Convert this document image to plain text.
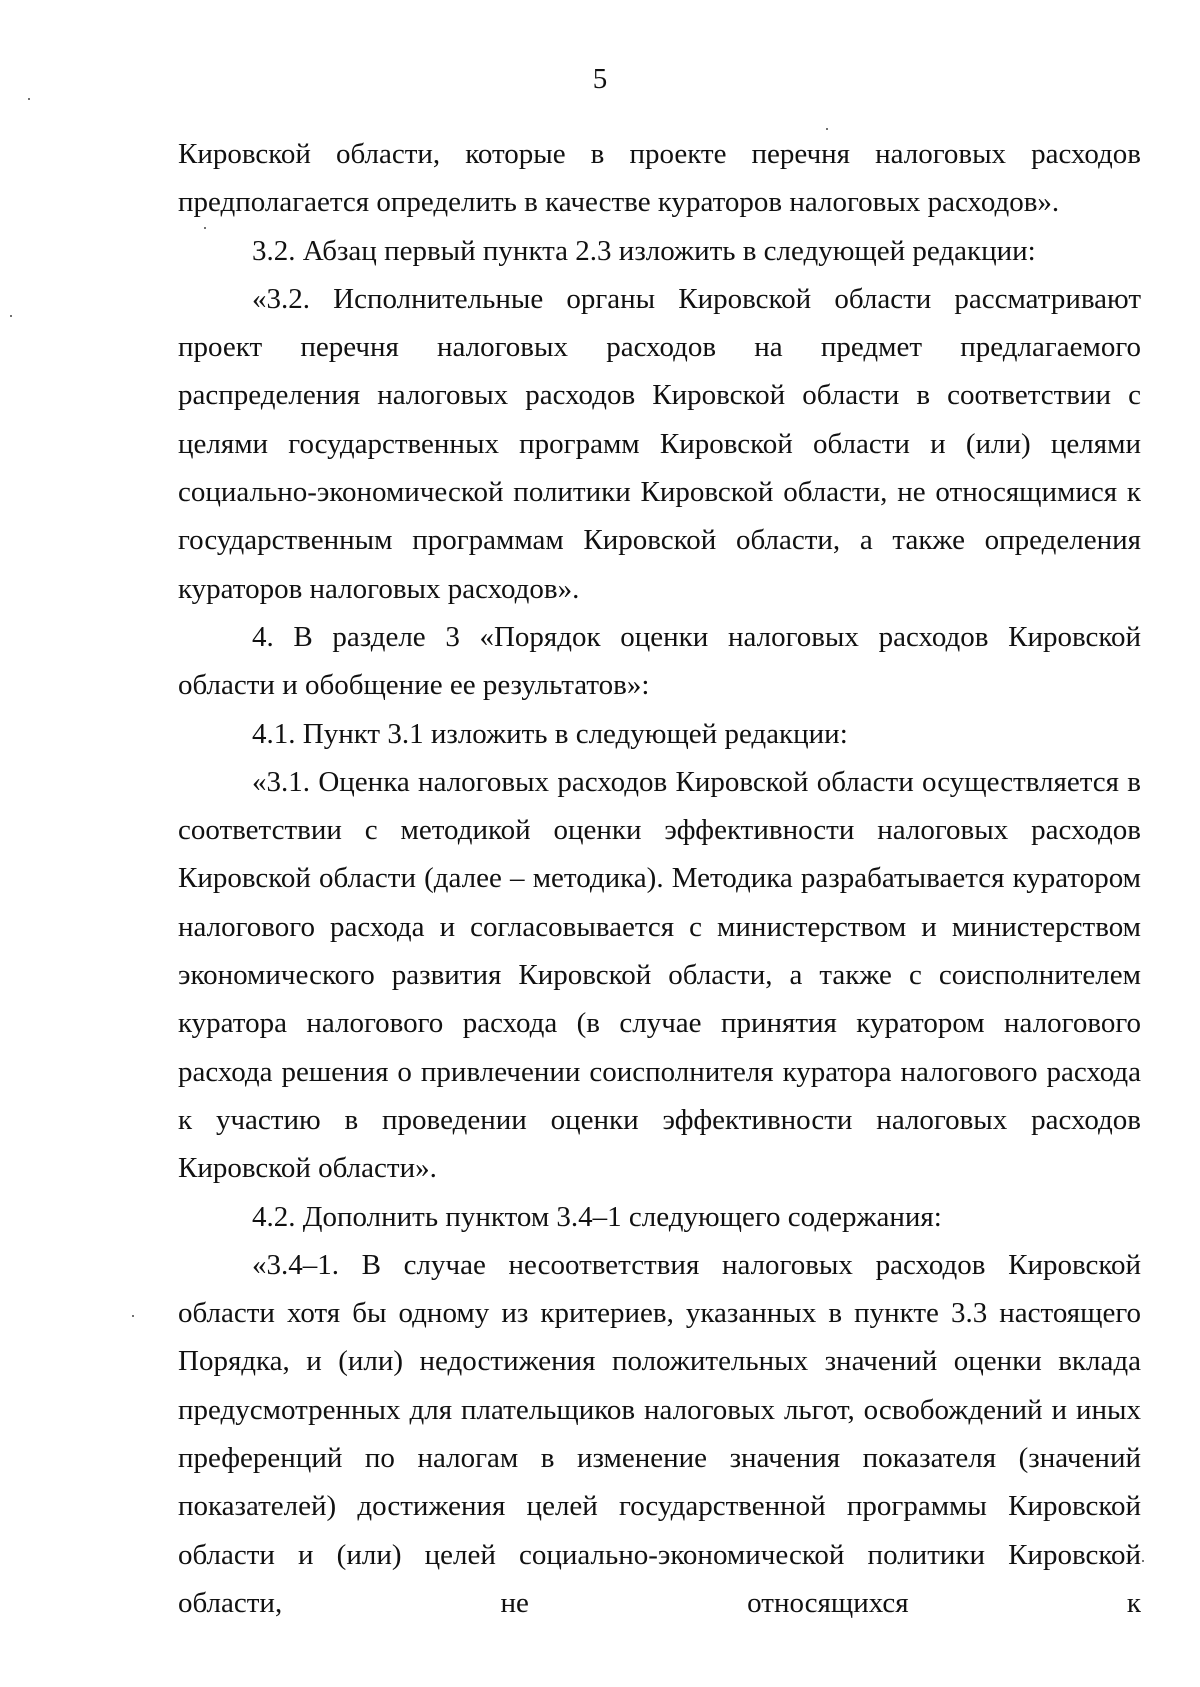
5

Кировской области, которые в проекте перечня налоговых расходов предполагается определить в качестве кураторов налоговых расходов».

3.2. Абзац первый пункта 2.3 изложить в следующей редакции:

«3.2. Исполнительные органы Кировской области рассматривают проект перечня налоговых расходов на предмет предлагаемого распределения налоговых расходов Кировской области в соответствии с целями государственных программ Кировской области и (или) целями социально-экономической политики Кировской области, не относящимися к государственным программам Кировской области, а также определения кураторов налоговых расходов».

4. В разделе 3 «Порядок оценки налоговых расходов Кировской области и обобщение ее результатов»:

4.1. Пункт 3.1 изложить в следующей редакции:

«3.1. Оценка налоговых расходов Кировской области осуществляется в соответствии с методикой оценки эффективности налоговых расходов Кировской области (далее – методика). Методика разрабатывается куратором налогового расхода и согласовывается с министерством и министерством экономического развития Кировской области, а также с соисполнителем куратора налогового расхода (в случае принятия куратором налогового расхода решения о привлечении соисполнителя куратора налогового расхода к участию в проведении оценки эффективности налоговых расходов Кировской области».

4.2. Дополнить пунктом 3.4–1 следующего содержания:

«3.4–1. В случае несоответствия налоговых расходов Кировской области хотя бы одному из критериев, указанных в пункте 3.3 настоящего Порядка, и (или) недостижения положительных значений оценки вклада предусмотренных для плательщиков налоговых льгот, освобождений и иных преференций по налогам в изменение значения показателя (значений показателей) достижения целей государственной программы Кировской области и (или) целей социально-экономической политики Кировской области, не относящихся к
